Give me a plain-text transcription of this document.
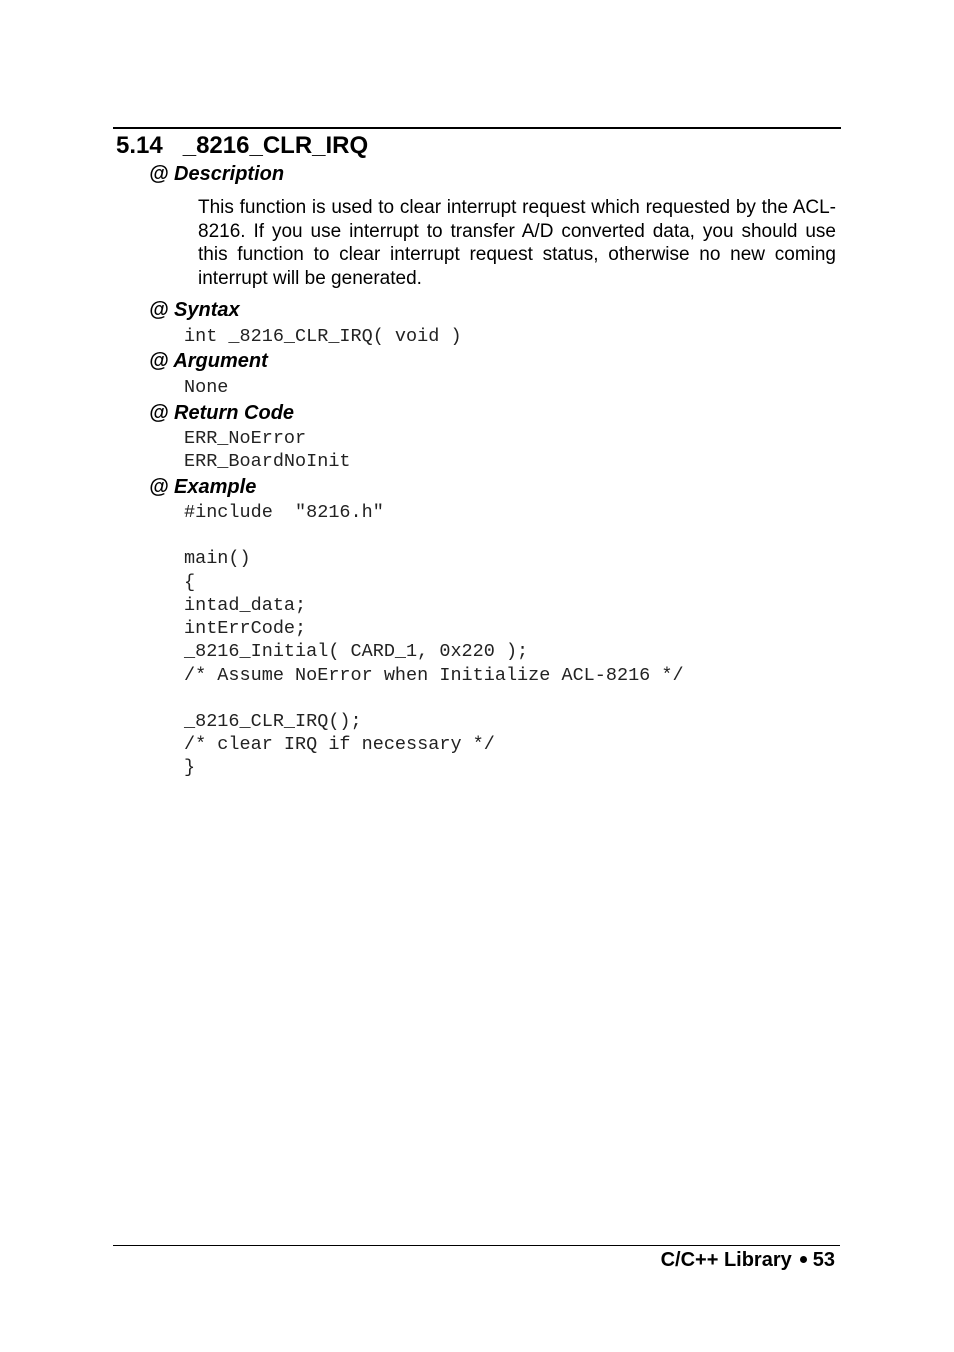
5.14 _8216_CLR_IRQ
@ Description
This function is used to clear interrupt request which requested by the ACL-8216. If you use interrupt to transfer A/D converted data, you should use this function to clear interrupt request status, otherwise no new coming interrupt will be generated.
@ Syntax
int _8216_CLR_IRQ( void )
@ Argument
None
@ Return Code
ERR_NoError
ERR_BoardNoInit
@ Example
#include  "8216.h"
main()
{
intad_data;
intErrCode;
_8216_Initial( CARD_1, 0x220 );
/* Assume NoError when Initialize ACL-8216 */
_8216_CLR_IRQ();
/* clear IRQ if necessary */
}
C/C++ Library 53
